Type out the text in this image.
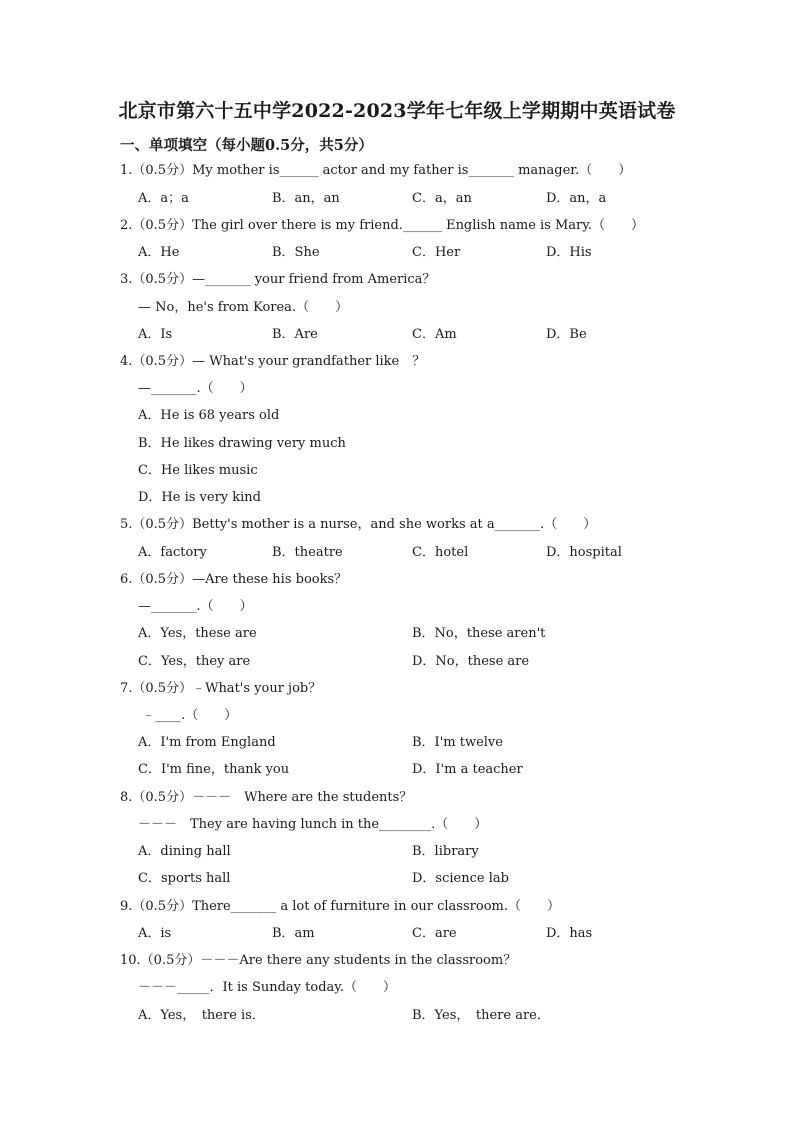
北京市第六十五中学2022-2023学年七年级上学期期中英语试卷
一、单项填空（每小题0.5分，共5分）
1.（0.5分）My mother is______ actor and my father is_______ manager.（　　）
A．a；a	B．an，an	C．a，an	D．an，a
2.（0.5分）The girl over there is my friend.______ English name is Mary.（　　）
A．He	B．She	C．Her	D．His
3.（0.5分）—_______ your friend from America？
— No，he's from Korea.（　　）
A．Is	B．Are	C．Am	D．Be
4.（0.5分）— What's your grandfather like　？
—_______.（　　）
A．He is 68 years old
B．He likes drawing very much
C．He likes music
D．He is very kind
5.（0.5分）Betty's mother is a nurse，and she works at a_______.（　　）
A．factory	B．theatre	C．hotel	D．hospital
6.（0.5分）—Are these his books？
—_______.（　　）
A．Yes，these are	B．No，these aren't
C．Yes，they are	D．No，these are
7.（0.5分）﹣What's your job？
﹣____.（　　）
A．I'm from England	B．I'm twelve
C．I'm fine，thank you	D．I'm a teacher
8.（0.5分）－－－　Where are the students？
－－－　They are having lunch in the________.（　　）
A．dining hall	B．library
C．sports hall	D．science lab
9.（0.5分）There_______ a lot of furniture in our classroom.（　　）
A．is	B．am	C．are	D．has
10.（0.5分）－－－Are there any students in the classroom？
－－－_____．It is Sunday today.（　　）
A．Yes，　there is．	B．Yes，　there are．
